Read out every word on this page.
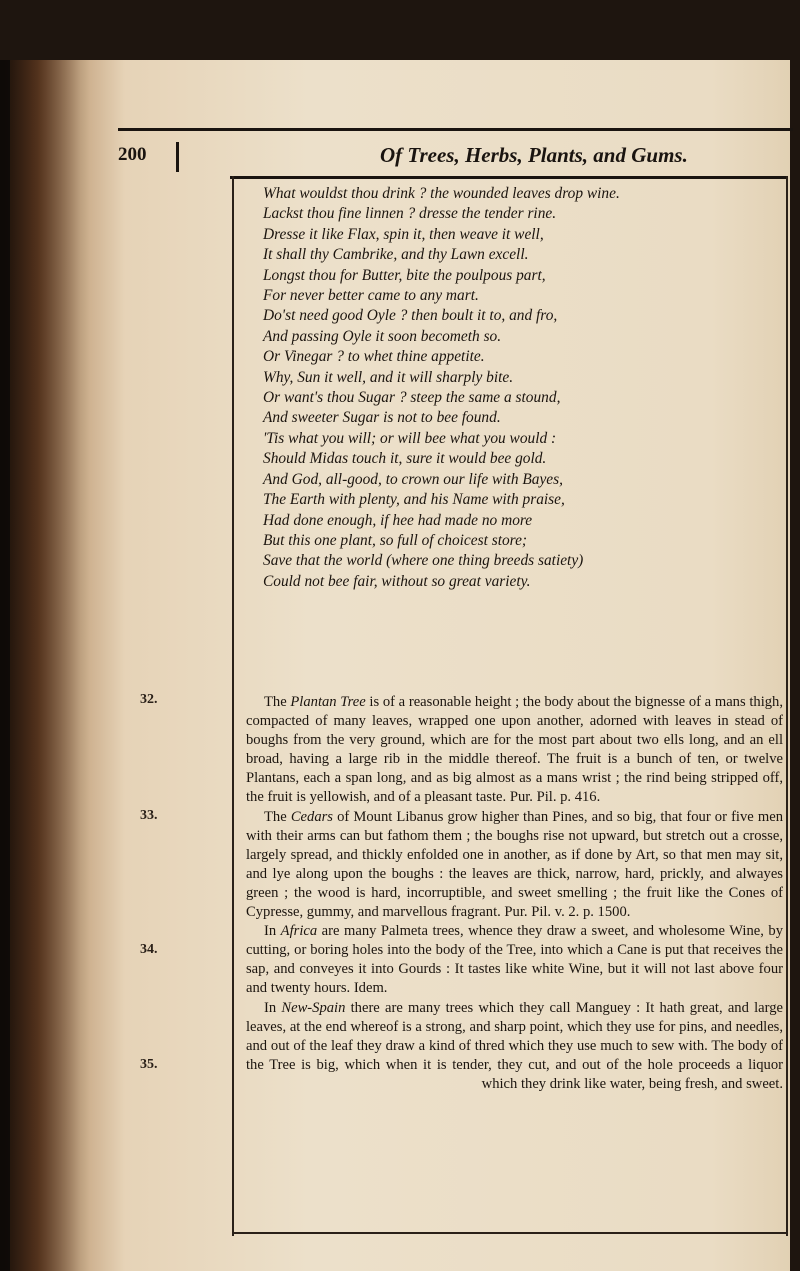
200	Of Trees, Herbs, Plants, and Gums.
What wouldst thou drink ? the wounded leaves drop wine.
Lackst thou fine linnen ? dresse the tender rine.
Dresse it like Flax, spin it, then weave it well,
It shall thy Cambrike, and thy Lawn excell.
Longst thou for Butter, bite the poulpous part,
For never better came to any mart.
Do'st need good Oyle ? then boult it to, and fro,
And passing Oyle it soon becometh so.
Or Vinegar ? to whet thine appetite.
Why, Sun it well, and it will sharply bite.
Or want's thou Sugar ? steep the same a stound,
And sweeter Sugar is not to bee found.
'Tis what you will; or will bee what you would :
Should Midas touch it, sure it would bee gold.
And God, all-good, to crown our life with Bayes,
The Earth with plenty, and his Name with praise,
Had done enough, if hee had made no more
But this one plant, so full of choicest store;
Save that the world (where one thing breeds satiety)
Could not bee fair, without so great variety.
32.
33.
34.
35.

The Plantan Tree is of a reasonable height ; the body about the bignesse of a mans thigh, compacted of many leaves, wrapped one upon another, adorned with leaves in stead of boughs from the very ground, which are for the most part about two ells long, and an ell broad, having a large rib in the middle thereof. The fruit is a bunch of ten, or twelve Plantans, each a span long, and as big almost as a mans wrist ; the rind being stripped off, the fruit is yellowish, and of a pleasant taste. Pur. Pil. p. 416.

The Cedars of Mount Libanus grow higher than Pines, and so big, that four or five men with their arms can but fathom them ; the boughs rise not upward, but stretch out a crosse, largely spread, and thickly enfolded one in another, as if done by Art, so that men may sit, and lye along upon the boughs : the leaves are thick, narrow, hard, prickly, and alwayes green ; the wood is hard, incorruptible, and sweet smelling ; the fruit like the Cones of Cypresse, gummy, and marvellous fragrant. Pur. Pil. v. 2. p. 1500.

In Africa are many Palmeta trees, whence they draw a sweet, and wholesome Wine, by cutting, or boring holes into the body of the Tree, into which a Cane is put that receives the sap, and conveyes it into Gourds : It tastes like white Wine, but it will not last above four and twenty hours. Idem.

In New-Spain there are many trees which they call Manguey : It hath great, and large leaves, at the end whereof is a strong, and sharp point, which they use for pins, and needles, and out of the leaf they draw a kind of thred which they use much to sew with. The body of the Tree is big, which when it is tender, they cut, and out of the hole proceeds a liquor which they drink like water, being fresh, and sweet.
